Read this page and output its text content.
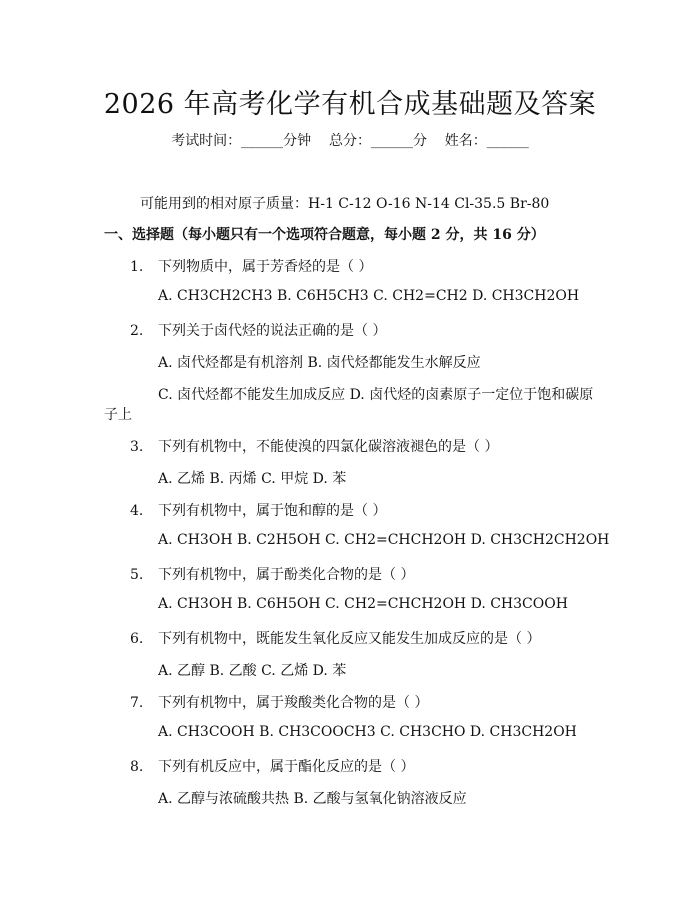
2026 年高考化学有机合成基础题及答案
考试时间：______分钟    总分：______分    姓名：______
可能用到的相对原子质量：H-1 C-12 O-16 N-14 Cl-35.5 Br-80
一、选择题（每小题只有一个选项符合题意，每小题 2 分，共 16 分）
1. 下列物质中，属于芳香烃的是（ ）
A. CH3CH2CH3 B. C6H5CH3 C. CH2=CH2 D. CH3CH2OH
2. 下列关于卤代烃的说法正确的是（ ）
A. 卤代烃都是有机溶剂 B. 卤代烃都能发生水解反应
C. 卤代烃都不能发生加成反应 D. 卤代烃的卤素原子一定位于饱和碳原
子上
3. 下列有机物中，不能使溴的四氯化碳溶液褪色的是（ ）
A. 乙烯 B. 丙烯 C. 甲烷 D. 苯
4. 下列有机物中，属于饱和醇的是（ ）
A. CH3OH B. C2H5OH C. CH2=CHCH2OH D. CH3CH2CH2OH
5. 下列有机物中，属于酚类化合物的是（ ）
A. CH3OH B. C6H5OH C. CH2=CHCH2OH D. CH3COOH
6. 下列有机物中，既能发生氧化反应又能发生加成反应的是（ ）
A. 乙醇 B. 乙酸 C. 乙烯 D. 苯
7. 下列有机物中，属于羧酸类化合物的是（ ）
A. CH3COOH B. CH3COOCH3 C. CH3CHO D. CH3CH2OH
8. 下列有机反应中，属于酯化反应的是（ ）
A. 乙醇与浓硫酸共热 B. 乙酸与氢氧化钠溶液反应
